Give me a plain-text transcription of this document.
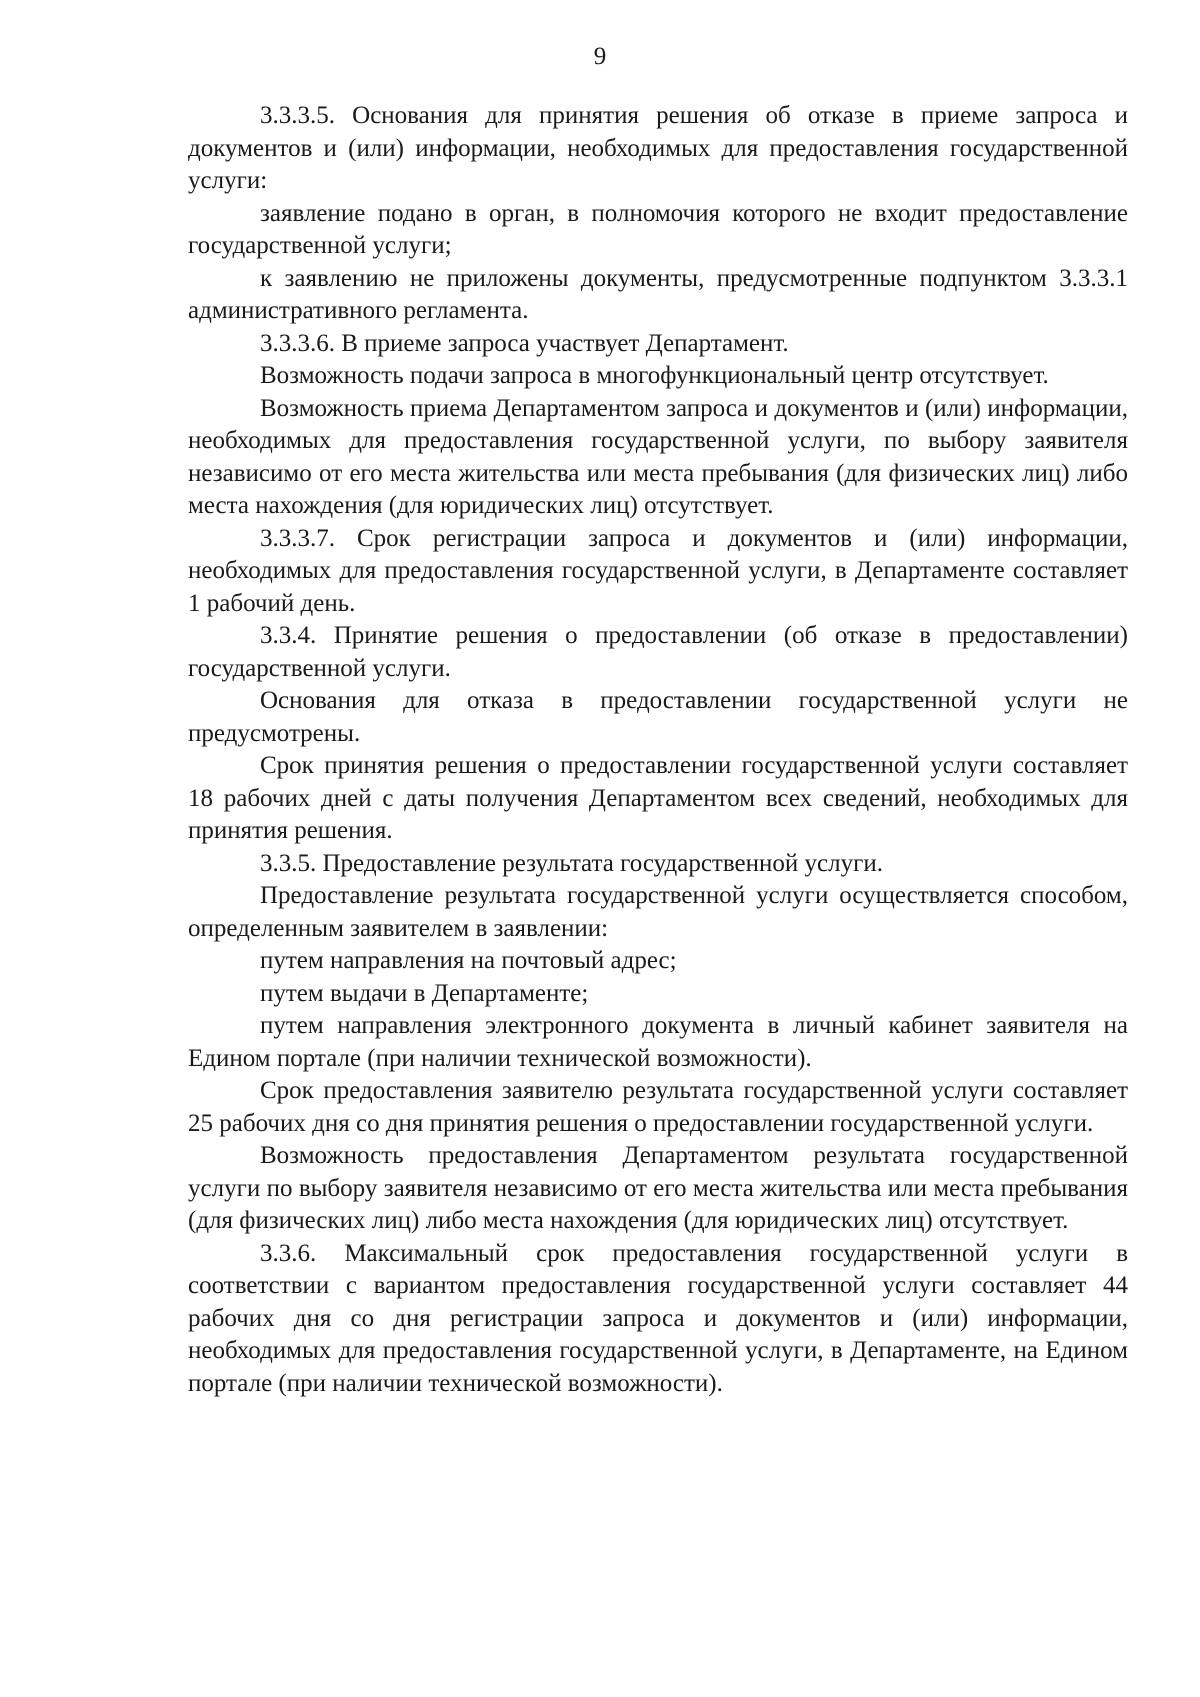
9

3.3.3.5. Основания для принятия решения об отказе в приеме запроса и документов и (или) информации, необходимых для предоставления государственной услуги:

заявление подано в орган, в полномочия которого не входит предоставление государственной услуги;

к заявлению не приложены документы, предусмотренные подпунктом 3.3.3.1 административного регламента.

3.3.3.6. В приеме запроса участвует Департамент.

Возможность подачи запроса в многофункциональный центр отсутствует.

Возможность приема Департаментом запроса и документов и (или) информации, необходимых для предоставления государственной услуги, по выбору заявителя независимо от его места жительства или места пребывания (для физических лиц) либо места нахождения (для юридических лиц) отсутствует.

3.3.3.7. Срок регистрации запроса и документов и (или) информации, необходимых для предоставления государственной услуги, в Департаменте составляет 1 рабочий день.

3.3.4. Принятие решения о предоставлении (об отказе в предоставлении) государственной услуги.

Основания для отказа в предоставлении государственной услуги не предусмотрены.

Срок принятия решения о предоставлении государственной услуги составляет 18 рабочих дней с даты получения Департаментом всех сведений, необходимых для принятия решения.

3.3.5. Предоставление результата государственной услуги.

Предоставление результата государственной услуги осуществляется способом, определенным заявителем в заявлении:

путем направления на почтовый адрес;

путем выдачи в Департаменте;

путем направления электронного документа в личный кабинет заявителя на Едином портале (при наличии технической возможности).

Срок предоставления заявителю результата государственной услуги составляет 25 рабочих дня со дня принятия решения о предоставлении государственной услуги.

Возможность предоставления Департаментом результата государственной услуги по выбору заявителя независимо от его места жительства или места пребывания (для физических лиц) либо места нахождения (для юридических лиц) отсутствует.

3.3.6. Максимальный срок предоставления государственной услуги в соответствии с вариантом предоставления государственной услуги составляет 44 рабочих дня со дня регистрации запроса и документов и (или) информации, необходимых для предоставления государственной услуги, в Департаменте, на Едином портале (при наличии технической возможности).
